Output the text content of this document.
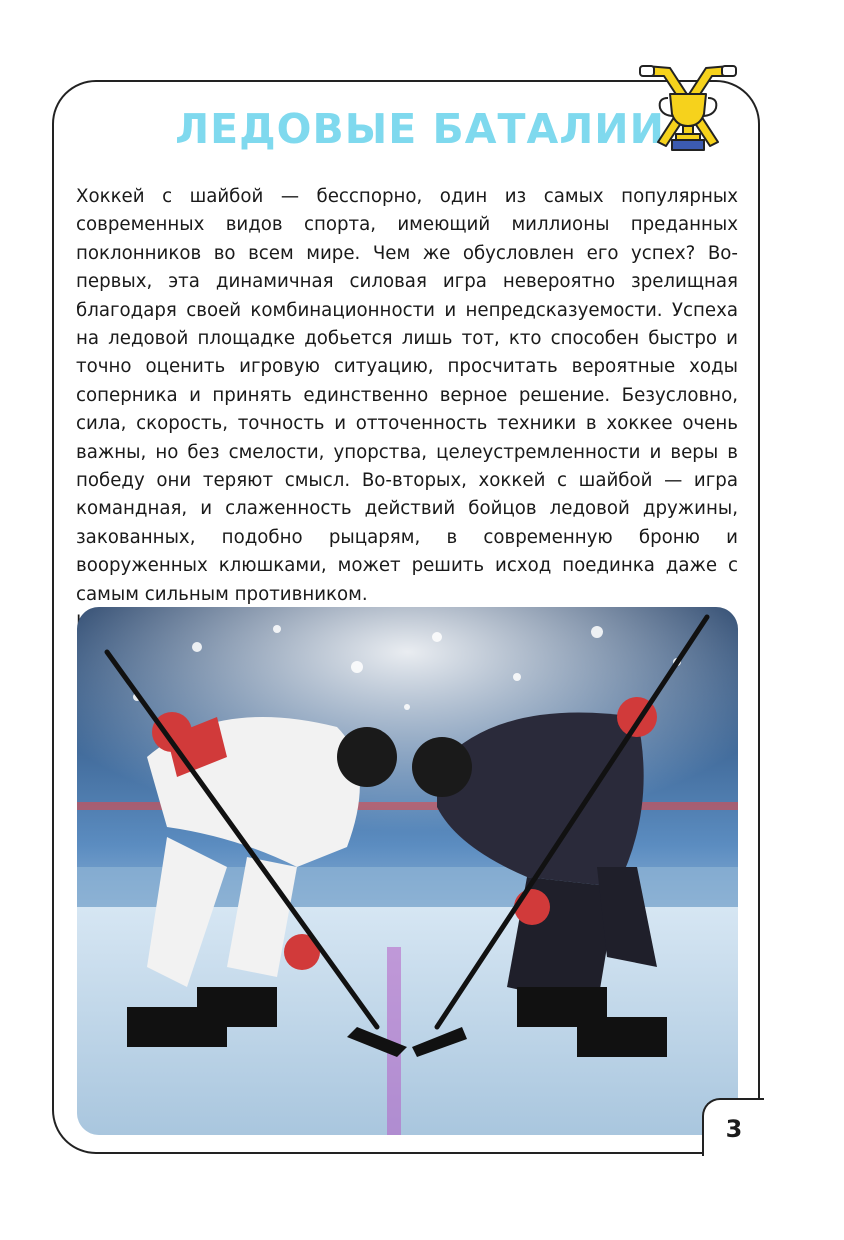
ЛЕДОВЫЕ БАТАЛИИ

Хоккей с шайбой — бесспорно, один из самых популярных современных видов спорта, имеющий миллионы преданных поклонников во всем мире. Чем же обусловлен его успех? Во-первых, эта динамичная силовая игра невероятно зрелищная благодаря своей комбинационности и непредсказуемости. Успеха на ледовой площадке добьется лишь тот, кто способен быстро и точно оценить игровую ситуацию, просчитать вероятные ходы соперника и принять единственно верное решение. Безусловно, сила, скорость, точность и отточенность техники в хоккее очень важны, но без смелости, упорства, целеустремленности и веры в победу они теряют смысл. Во-вторых, хоккей с шайбой — игра командная, и слаженность действий бойцов ледовой дружины, закованных, подобно рыцарям, в современную броню и вооруженных клюшками, может решить исход поединка даже с самым сильным противником.

3
